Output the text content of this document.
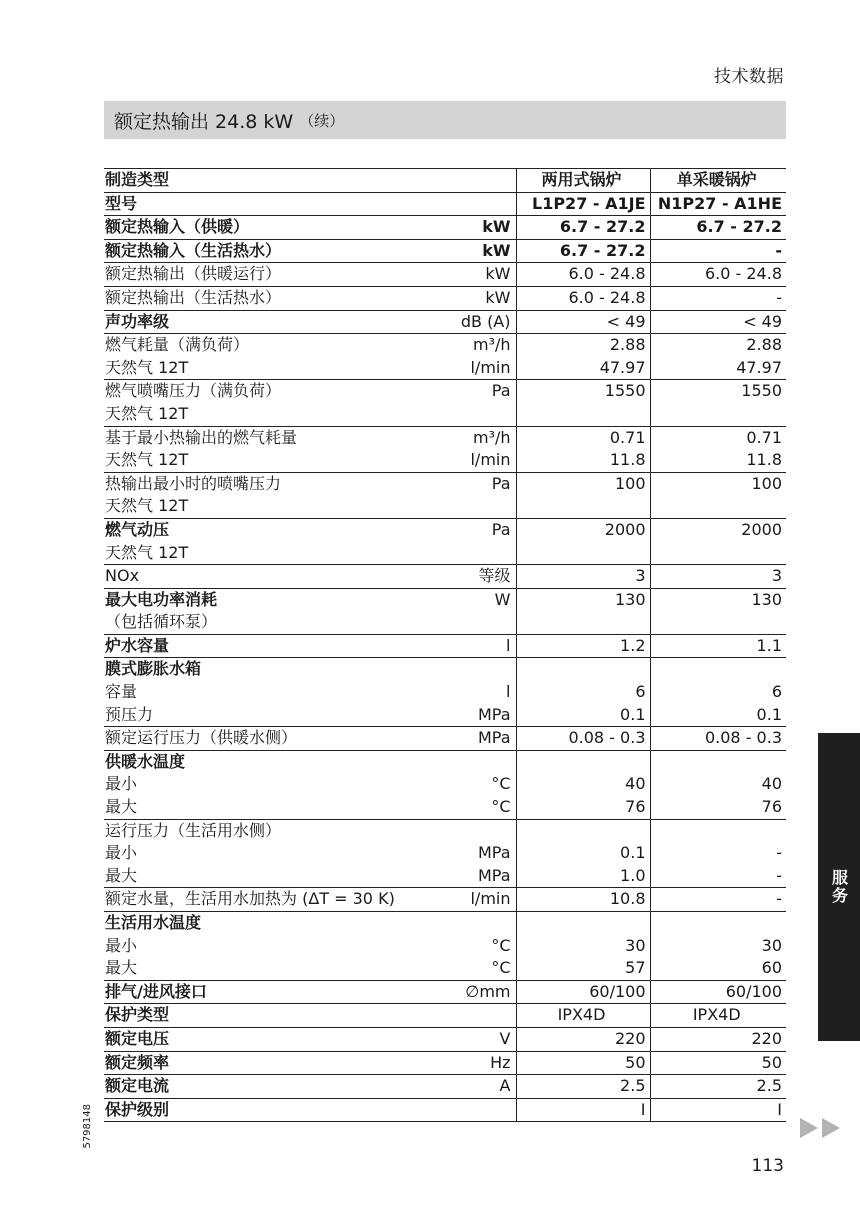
技术数据
额定热输出 24.8 kW （续）
制造类型	两用式锅炉	单采暖锅炉

型号	L1P27 - A1JE	N1P27 - A1HE

额定热输入（供暖） kW	6.7 - 27.2	6.7 - 27.2

额定热输入（生活热水） kW	6.7 - 27.2	-

额定热输出（供暖运行） kW	6.0 - 24.8	6.0 - 24.8

额定热输出（生活热水） kW	6.0 - 24.8	-

声功率级 dB (A)	< 49	< 49

燃气耗量（满负荷） m³/h	2.88	2.88

天然气 12T l/min	47.97	47.97

燃气喷嘴压力（满负荷） Pa	1550	1550

天然气 12T		

基于最小热输出的燃气耗量 m³/h	0.71	0.71

天然气 12T l/min	11.8	11.8

热输出最小时的喷嘴压力 Pa	100	100

天然气 12T		

燃气动压 Pa	2000	2000

天然气 12T		

NOx 等级	3	3

最大电功率消耗 W	130	130

（包括循环泵）		

炉水容量 l	1.2	1.1

膜式膨胀水箱		

容量 l	6	6

预压力 MPa	0.1	0.1

额定运行压力（供暖水侧） MPa	0.08 - 0.3	0.08 - 0.3

供暖水温度		

最小 °C	40	40

最大 °C	76	76

运行压力（生活用水侧）		

最小 MPa	0.1	-

最大 MPa	1.0	-

额定水量，生活用水加热为 (ΔT = 30 K) l/min	10.8	-

生活用水温度		

最小 °C	30	30

最大 °C	57	60

排气/进风接口 ∅mm	60/100	60/100

保护类型	IPX4D	IPX4D

额定电压 V	220	220

额定频率 Hz	50	50

额定电流 A	2.5	2.5

保护级别	I	I
服务
5798148
113
